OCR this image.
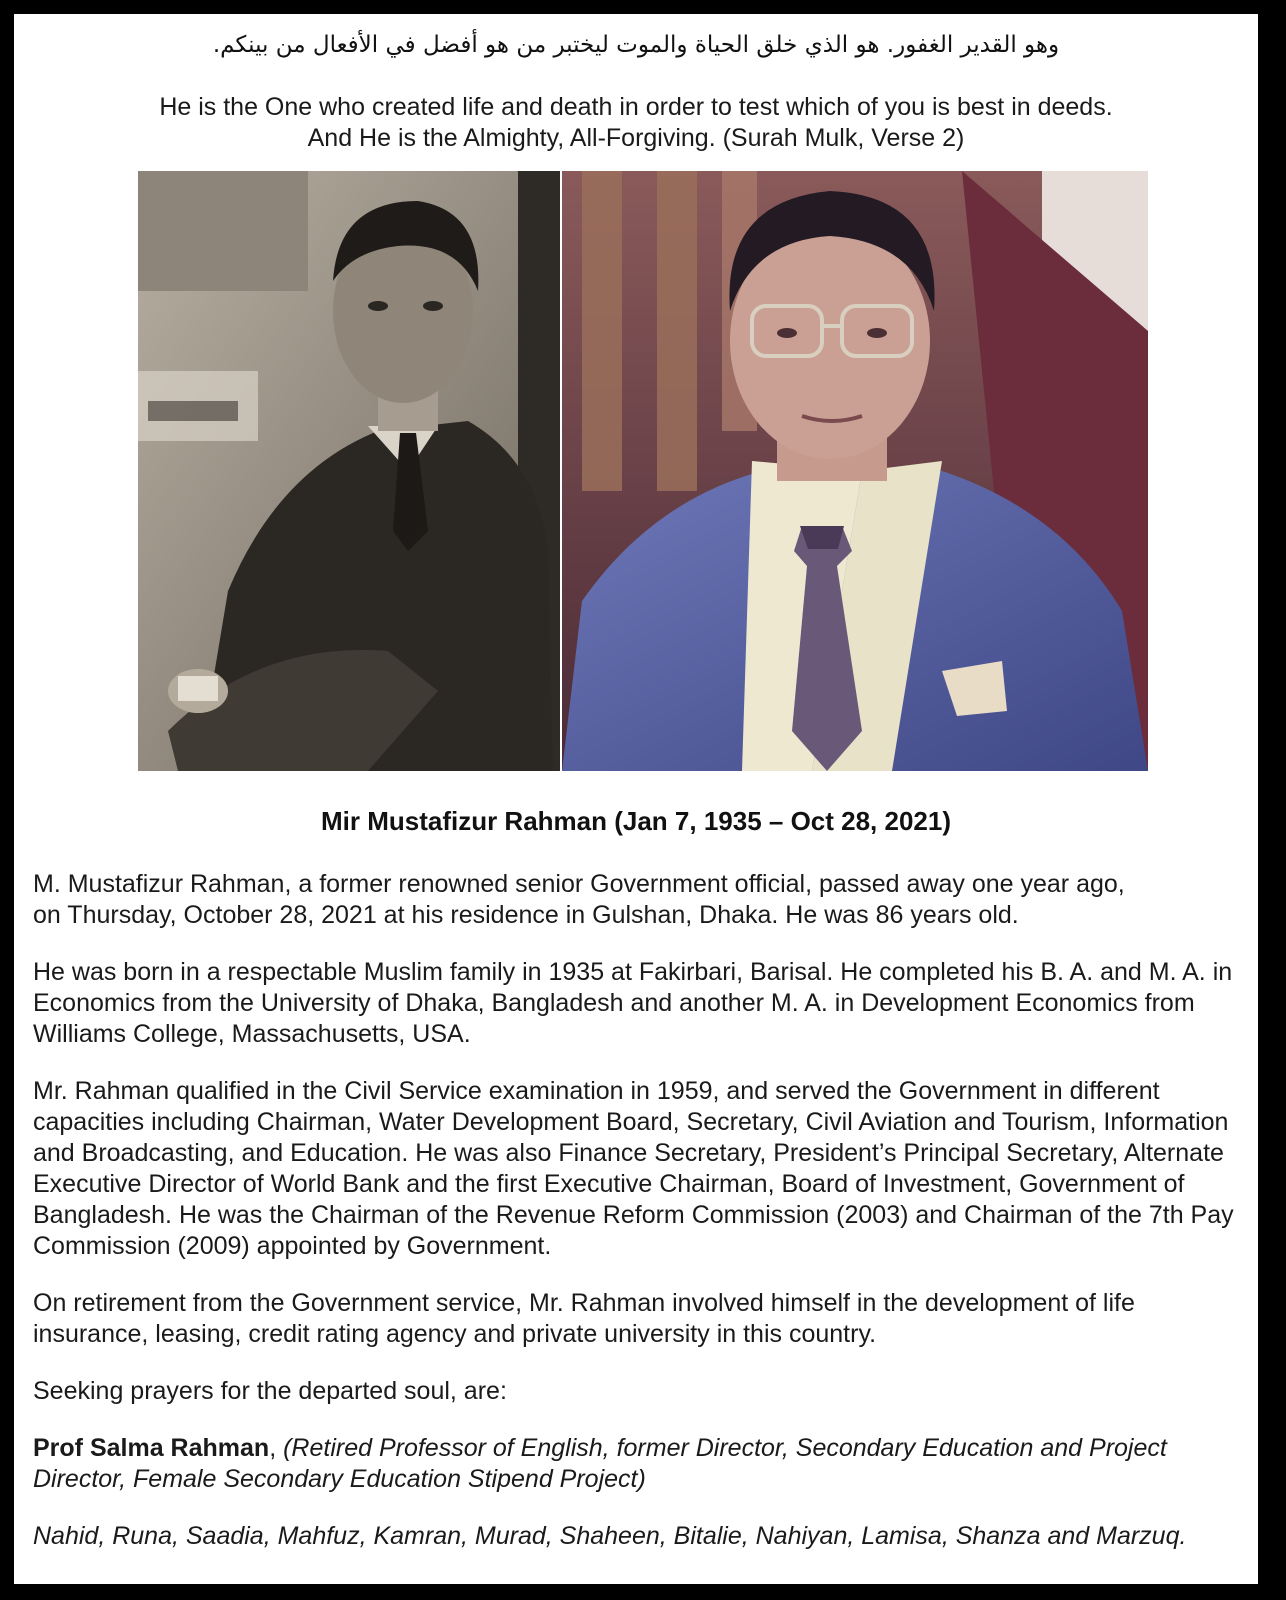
وهو القدير الغفور. هو الذي خلق الحياة والموت ليختبر من هو أفضل في الأفعال من بينكم.
He is the One who created life and death in order to test which of you is best in deeds.
And He is the Almighty, All-Forgiving. (Surah Mulk, Verse 2)
Mir Mustafizur Rahman (Jan 7, 1935 – Oct 28, 2021)

M. Mustafizur Rahman, a former renowned senior Government official, passed away one year ago,
on Thursday, October 28, 2021 at his residence in Gulshan, Dhaka. He was 86 years old.

He was born in a respectable Muslim family in 1935 at Fakirbari, Barisal. He completed his B. A. and M. A. in Economics from the University of Dhaka, Bangladesh and another M. A. in Development Economics from Williams College, Massachusetts, USA.

Mr. Rahman qualified in the Civil Service examination in 1959, and served the Government in different capacities including Chairman, Water Development Board, Secretary, Civil Aviation and Tourism, Information and Broadcasting, and Education. He was also Finance Secretary, President’s Principal Secretary, Alternate Executive Director of World Bank and the first Executive Chairman, Board of Investment, Government of Bangladesh. He was the Chairman of the Revenue Reform Commission (2003) and Chairman of the 7th Pay Commission (2009) appointed by Government.

On retirement from the Government service, Mr. Rahman involved himself in the development of life insurance, leasing, credit rating agency and private university in this country.

Seeking prayers for the departed soul, are:

Prof Salma Rahman, (Retired Professor of English, former Director, Secondary Education and Project Director, Female Secondary Education Stipend Project)

Nahid, Runa, Saadia, Mahfuz, Kamran, Murad, Shaheen, Bitalie, Nahiyan, Lamisa, Shanza and Marzuq.
